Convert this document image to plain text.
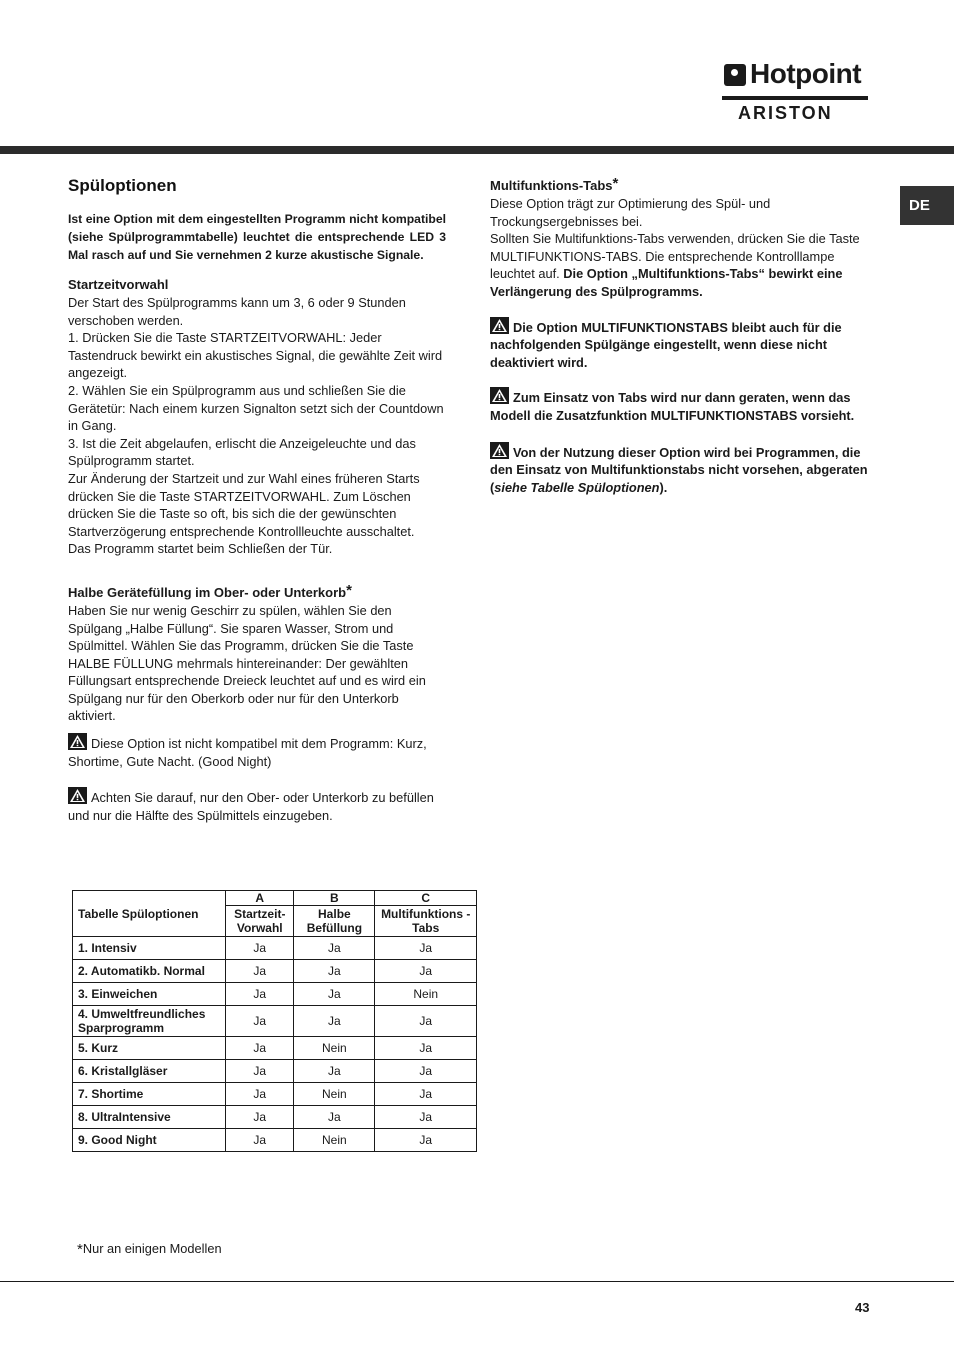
Hotpoint
ARISTON
DE
Spüloptionen

Ist eine Option mit dem eingestellten Programm nicht kompatibel (siehe Spülprogrammtabelle) leuchtet die entsprechende LED 3 Mal rasch auf und Sie vernehmen 2 kurze akustische Signale.

Startzeitvorwahl

Der Start des Spülprogramms kann um 3, 6 oder 9 Stunden verschoben werden.

1. Drücken Sie die Taste STARTZEITVORWAHL: Jeder Tastendruck bewirkt ein akustisches Signal, die gewählte Zeit wird angezeigt.

2. Wählen Sie ein Spülprogramm aus und schließen Sie die Gerätetür: Nach einem kurzen Signalton setzt sich der Countdown in Gang.

3. Ist die Zeit abgelaufen, erlischt die Anzeigeleuchte und das Spülprogramm startet.

Zur Änderung der Startzeit und zur Wahl eines früheren Starts drücken Sie die Taste STARTZEITVORWAHL. Zum Löschen drücken Sie die Taste so oft, bis sich die der gewünschten Startverzögerung entsprechende Kontrollleuchte ausschaltet.

Das Programm startet beim Schließen der Tür.

Halbe Gerätefüllung im Ober- oder Unterkorb*

Haben Sie nur wenig Geschirr zu spülen, wählen Sie den Spülgang „Halbe Füllung“. Sie sparen Wasser, Strom und Spülmittel. Wählen Sie das Programm, drücken Sie die Taste HALBE FÜLLUNG mehrmals hintereinander: Der gewählten Füllungsart entsprechende Dreieck leuchtet auf und es wird ein Spülgang nur für den Oberkorb oder nur für den Unterkorb aktiviert.

Diese Option ist nicht kompatibel mit dem Programm: Kurz, Shortime, Gute Nacht. (Good Night)

Achten Sie darauf, nur den Ober- oder Unterkorb zu befüllen und nur die Hälfte des Spülmittels einzugeben.

Multifunktions-Tabs*

Diese Option trägt zur Optimierung des Spül- und Trockungsergebnisses bei.

Sollten Sie Multifunktions-Tabs verwenden, drücken Sie die Taste MULTIFUNKTIONS-TABS. Die entsprechende Kontrolllampe leuchtet auf. Die Option „Multifunktions-Tabs“ bewirkt eine Verlängerung des Spülprogramms.

Die Option MULTIFUNKTIONSTABS bleibt auch für die nachfolgenden Spülgänge eingestellt, wenn diese nicht deaktiviert wird.

Zum Einsatz von Tabs wird nur dann geraten, wenn das Modell die Zusatzfunktion MULTIFUNKTIONSTABS vorsieht.

Von der Nutzung dieser Option wird bei Programmen, die den Einsatz von Multifunktionstabs nicht vorsehen, abgeraten (siehe Tabelle Spüloptionen).

Tabelle Spüloptionen	A	B	C
	Startzeit-Vorwahl	Halbe Befüllung	Multifunktions -Tabs
1. Intensiv	Ja	Ja	Ja
2. Automatikb. Normal	Ja	Ja	Ja
3. Einweichen	Ja	Ja	Nein
4. Umweltfreundliches Sparprogramm	Ja	Ja	Ja
5. Kurz	Ja	Nein	Ja
6. Kristallgläser	Ja	Ja	Ja
7. Shortime	Ja	Nein	Ja
8. UltraIntensive	Ja	Ja	Ja
9. Good Night	Ja	Nein	Ja
*Nur an einigen Modellen
43
